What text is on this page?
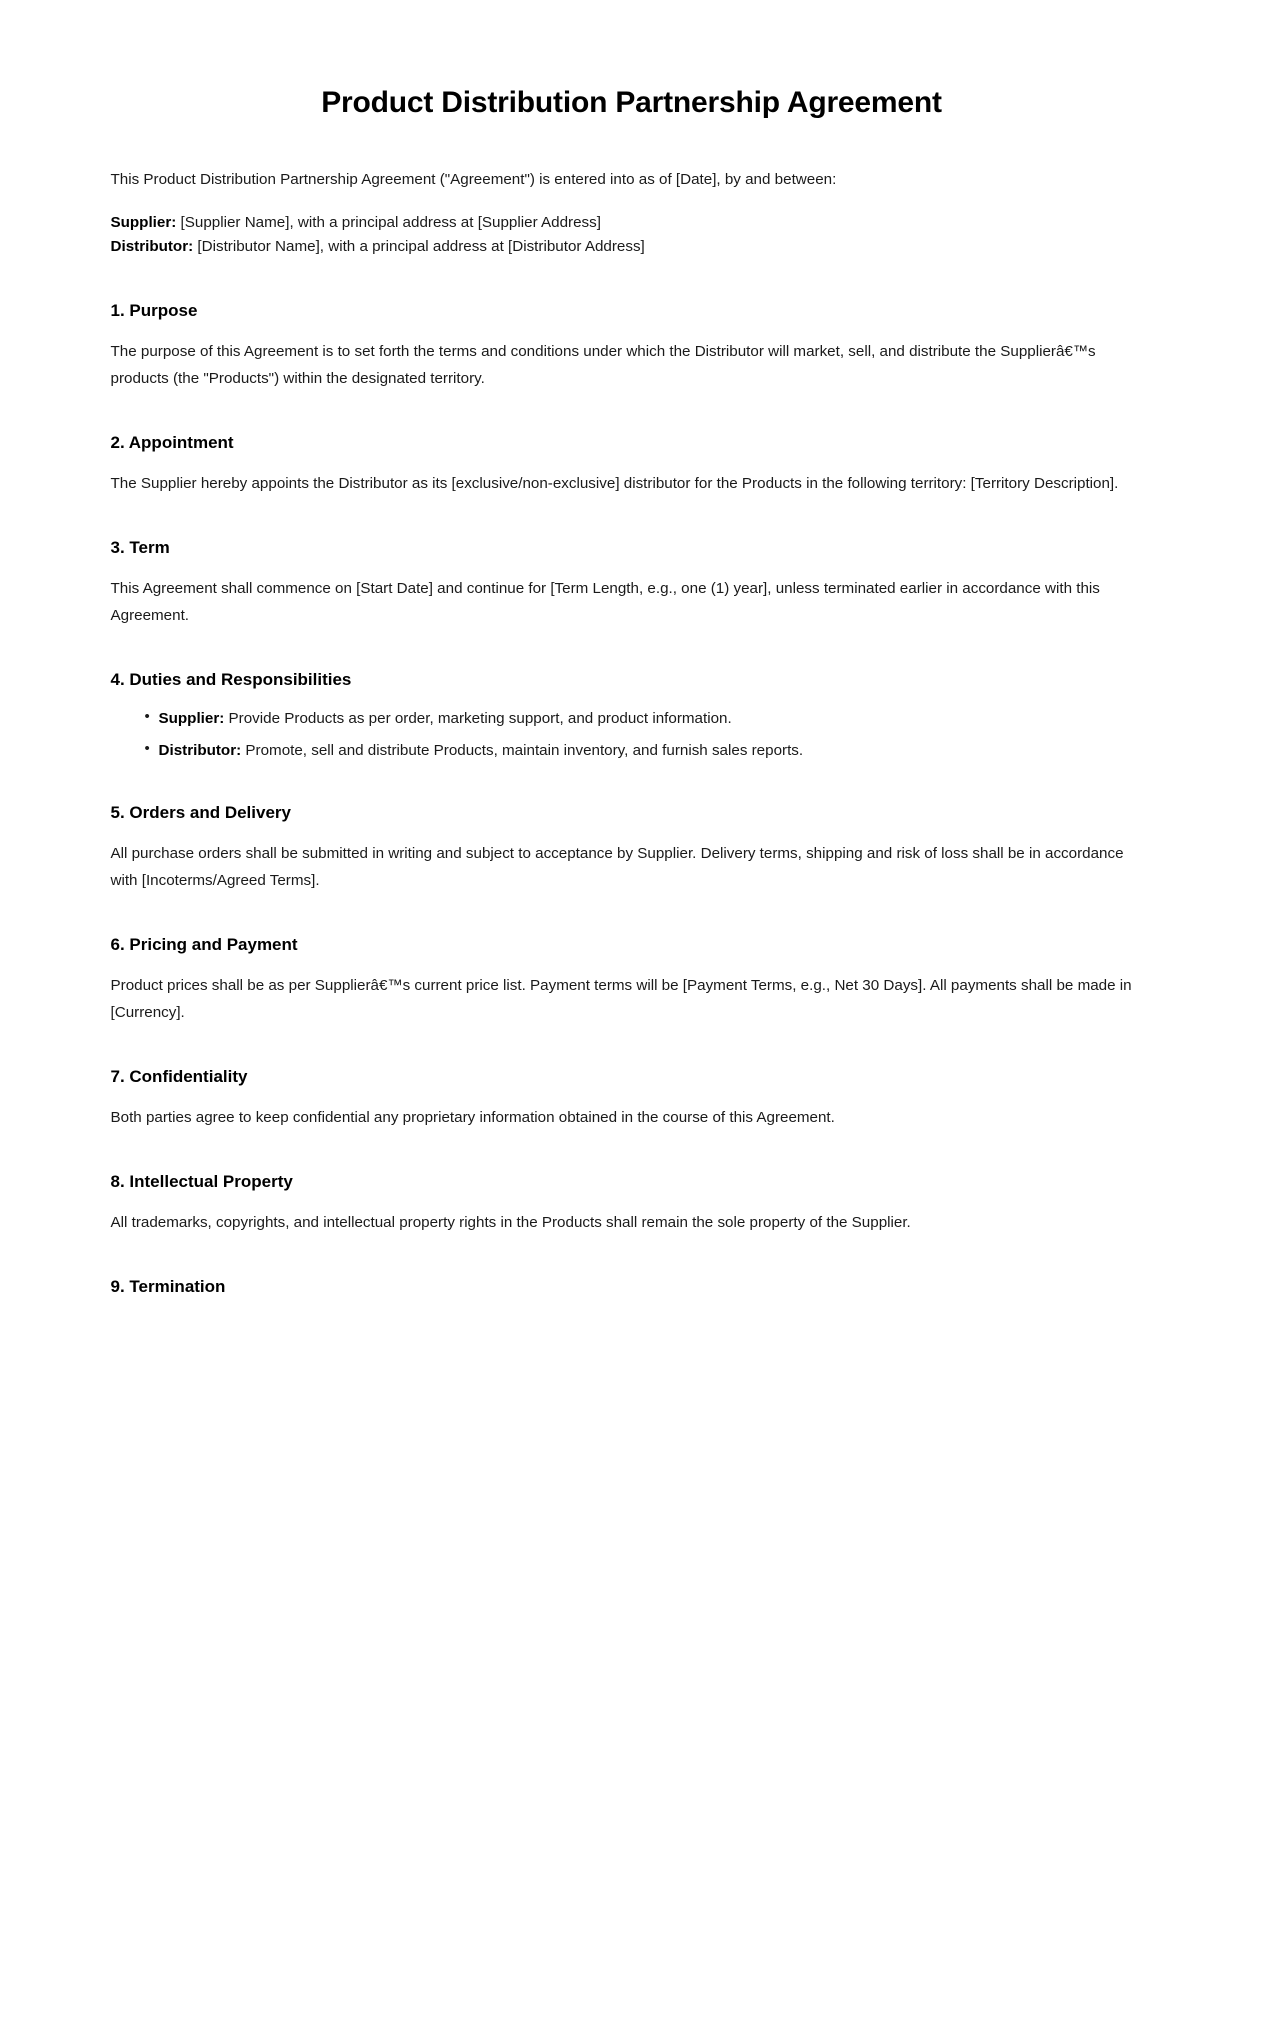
Product Distribution Partnership Agreement

This Product Distribution Partnership Agreement ("Agreement") is entered into as of [Date], by and between:

Supplier: [Supplier Name], with a principal address at [Supplier Address]
Distributor: [Distributor Name], with a principal address at [Distributor Address]
1. Purpose

The purpose of this Agreement is to set forth the terms and conditions under which the Distributor will market, sell, and distribute the Supplierâ€™s products (the "Products") within the designated territory.

2. Appointment

The Supplier hereby appoints the Distributor as its [exclusive/non-exclusive] distributor for the Products in the following territory: [Territory Description].

3. Term

This Agreement shall commence on [Start Date] and continue for [Term Length, e.g., one (1) year], unless terminated earlier in accordance with this Agreement.

4. Duties and Responsibilities
• Supplier: Provide Products as per order, marketing support, and product information.
• Distributor: Promote, sell and distribute Products, maintain inventory, and furnish sales reports.
5. Orders and Delivery

All purchase orders shall be submitted in writing and subject to acceptance by Supplier. Delivery terms, shipping and risk of loss shall be in accordance with [Incoterms/Agreed Terms].

6. Pricing and Payment

Product prices shall be as per Supplierâ€™s current price list. Payment terms will be [Payment Terms, e.g., Net 30 Days]. All payments shall be made in [Currency].

7. Confidentiality

Both parties agree to keep confidential any proprietary information obtained in the course of this Agreement.

8. Intellectual Property

All trademarks, copyrights, and intellectual property rights in the Products shall remain the sole property of the Supplier.

9. Termination
